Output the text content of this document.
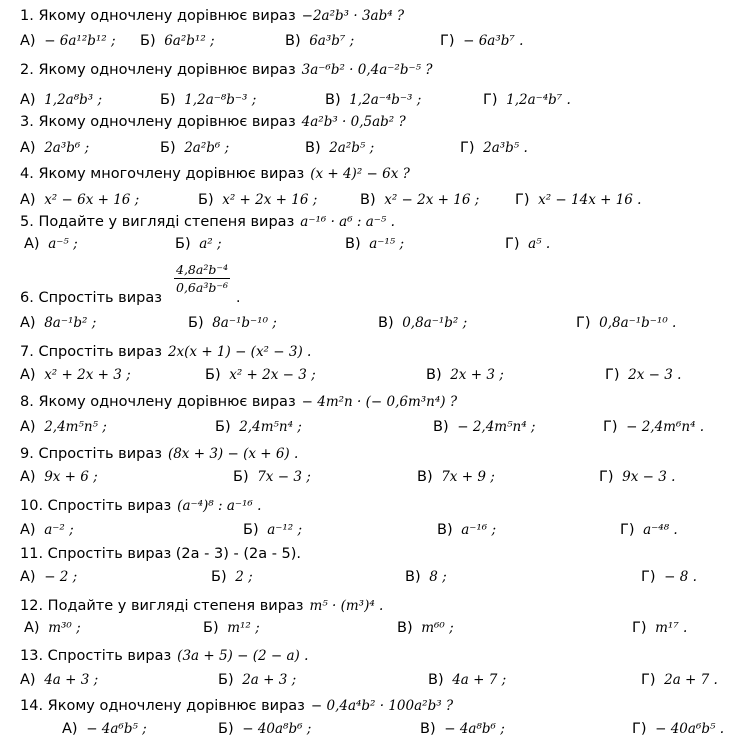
1. Якому одночлену дорівнює вираз −2a²b³ · 3ab⁴ ?
А) − 6a¹²b¹² ; Б) 6a²b¹² ;	В) 6a³b⁷ ;	Г) − 6a³b⁷ .
2. Якому одночлену дорівнює вираз 3a⁻⁶b² · 0,4a⁻²b⁻⁵ ?
А) 1,2a⁸b³ ;	Б) 1,2a⁻⁸b⁻³ ;	В) 1,2a⁻⁴b⁻³ ;	Г) 1,2a⁻⁴b⁷ .
3. Якому одночлену дорівнює вираз 4a²b³ · 0,5ab² ?
А) 2a³b⁶ ;	Б) 2a²b⁶ ;	В) 2a²b⁵ ;	Г) 2a³b⁵ .
4. Якому многочлену дорівнює вираз (x + 4)² − 6x ?
А) x² − 6x + 16 ;	Б) x² + 2x + 16 ;	В) x² − 2x + 16 ; Г) x² − 14x + 16 .
5. Подайте у вигляді степеня вираз a⁻¹⁶ · a⁶ : a⁻⁵ .
А) a⁻⁵ ;	Б) a² ;	В) a⁻¹⁵ ;	Г) a⁵ .
6. Спростіть вираз
А) 8a⁻¹b² ;	Б) 8a⁻¹b⁻¹⁰ ;	В) 0,8a⁻¹b² ;	Г) 0,8a⁻¹b⁻¹⁰ .
7. Спростіть вираз 2x(x + 1) − (x² − 3) .
А) x² + 2x + 3 ;	Б) x² + 2x − 3 ;	В) 2x + 3 ;	Г) 2x − 3 .
8. Якому одночлену дорівнює вираз − 4m²n · (− 0,6m³n⁴) ?
А) 2,4m⁵n⁵ ;	Б) 2,4m⁵n⁴ ;	В) − 2,4m⁵n⁴ ;	Г) − 2,4m⁶n⁴ .
9. Спростіть вираз (8x + 3) − (x + 6) .
А) 9x + 6 ;	Б) 7x − 3 ;	В) 7x + 9 ;	Г) 9x − 3 .
10. Спростіть вираз (a⁻⁴)⁸ : a⁻¹⁶ .
А) a⁻² ;	Б) a⁻¹² ;	В) a⁻¹⁶ ;	Г) a⁻⁴⁸ .
11. Спростіть вираз (2a - 3) - (2a - 5).
А) − 2 ;	Б) 2 ;	В) 8 ;	Г) − 8 .
12. Подайте у вигляді степеня вираз m⁵ · (m³)⁴ .
А) m³⁰ ;	Б) m¹² ;	В) m⁶⁰ ;	Г) m¹⁷ .
13. Спростіть вираз (3a + 5) − (2 − a) .
А) 4a + 3 ;	Б) 2a + 3 ;	В) 4a + 7 ;	Г) 2a + 7 .
14. Якому одночлену дорівнює вираз − 0,4a⁴b² · 100a²b³ ?
А) − 4a⁶b⁵ ;	Б) − 40a⁸b⁶ ;	В) − 4a⁸b⁶ ;	Г) − 40a⁶b⁵ .
$\frac{\text{4,8a²b⁻⁴}}{\text{0,6a³b⁻⁶}}$
.
